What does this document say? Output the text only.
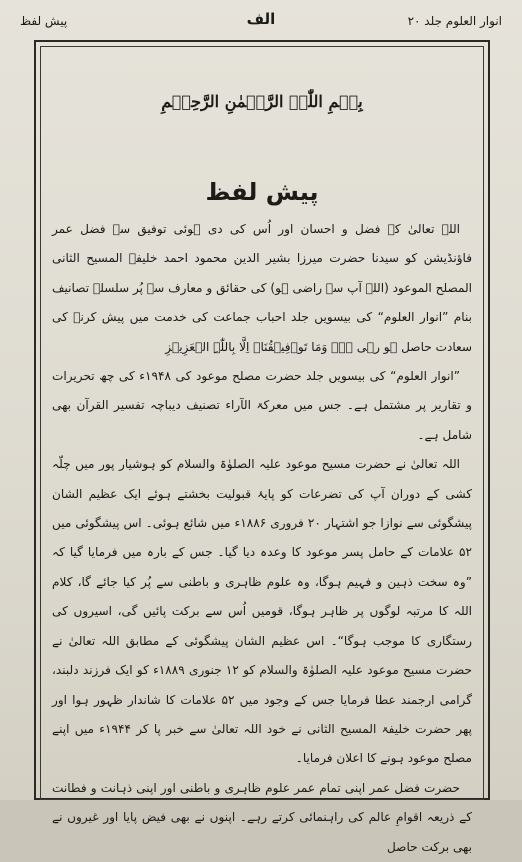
انوار العلوم جلد ۲۰
الف
پیش لفظ
بِسۡمِ اللّٰہِ الرَّحۡمٰنِ الرَّحِیۡمِ
پیش لفظ

اللہ تعالیٰ کے فضل و احسان اور اُس کی دی ہوئی توفیق سے فضل عمر فاؤنڈیشن کو سیدنا حضرت میرزا بشیر الدین محمود احمد خلیفۃ المسیح الثانی المصلح الموعود (اللہ آپ سے راضی ہو) کی حقائق و معارف سے پُر سلسلہ تصانیف بنام ”انوار العلوم“ کی بیسویں جلد احباب جماعت کی خدمت میں پیش کرنے کی سعادت حاصل ہو رہی ہے۔ وَمَا تَوۡفِیۡقُنَاۤ اِلَّا بِاللّٰہِ الۡعَزِیۡزِ

”انوار العلوم“ کی بیسویں جلد حضرت مصلح موعود کی ۱۹۴۸ء کی چھ تحریرات و تقاریر پر مشتمل ہے۔ جس میں معرکۃ الآراء تصنیف دیباچہ تفسیر القرآن بھی شامل ہے۔

اللہ تعالیٰ نے حضرت مسیح موعود علیہ الصلوٰۃ والسلام کو ہوشیار پور میں چلّہ کشی کے دوران آپ کی تضرعات کو پایۂ قبولیت بخشتے ہوئے ایک عظیم الشان پیشگوئی سے نوازا جو اشتہار ۲۰ فروری ۱۸۸۶ء میں شائع ہوئی۔ اس پیشگوئی میں ۵۲ علامات کے حامل پسر موعود کا وعدہ دیا گیا۔ جس کے بارہ میں فرمایا گیا کہ ”وہ سخت ذہین و فہیم ہوگا، وہ علوم ظاہری و باطنی سے پُر کیا جائے گا، کلام اللہ کا مرتبہ لوگوں پر ظاہر ہوگا، قومیں اُس سے برکت پائیں گی، اسیروں کی رستگاری کا موجب ہوگا“۔ اس عظیم الشان پیشگوئی کے مطابق اللہ تعالیٰ نے حضرت مسیح موعود علیہ الصلوٰۃ والسلام کو ۱۲ جنوری ۱۸۸۹ء کو ایک فرزند دلبند، گرامی ارجمند عطا فرمایا جس کے وجود میں ۵۲ علامات کا شاندار ظہور ہوا اور پھر حضرت خلیفۃ المسیح الثانی نے خود اللہ تعالیٰ سے خبر پا کر ۱۹۴۴ء میں اپنے مصلح موعود ہونے کا اعلان فرمایا۔

حضرت فضل عمر اپنی تمام عمر علوم ظاہری و باطنی اور اپنی ذہانت و فطانت کے ذریعہ اقوامِ عالم کی راہنمائی کرتے رہے۔ اپنوں نے بھی فیض پایا اور غیروں نے بھی برکت حاصل
